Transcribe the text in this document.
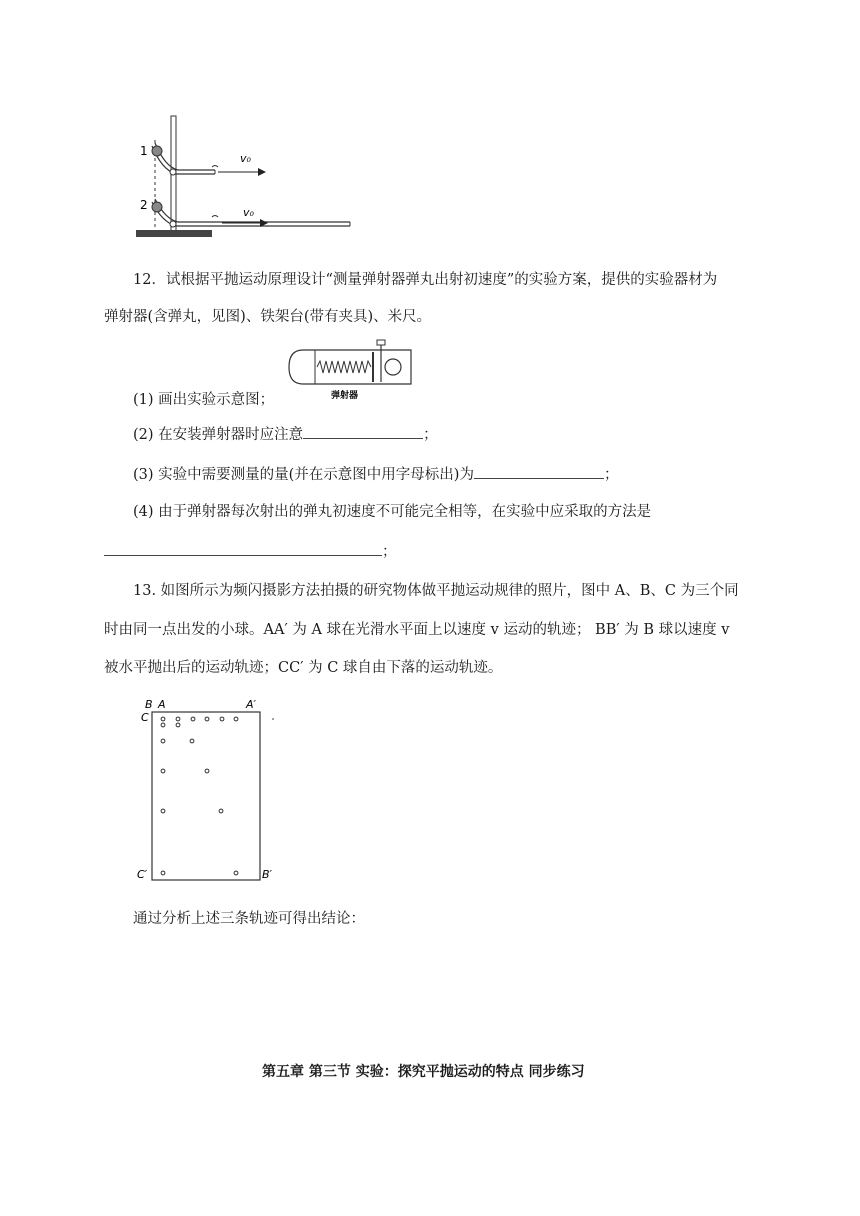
1
2
v₀
v₀
12．试根据平抛运动原理设计“测量弹射器弹丸出射初速度”的实验方案，提供的实验器材为
弹射器(含弹丸，见图)、铁架台(带有夹具)、米尺。
弹射器
(1) 画出实验示意图；
(2) 在安装弹射器时应注意	；
(3) 实验中需要测量的量(并在示意图中用字母标出)为	；
(4) 由于弹射器每次射出的弹丸初速度不可能完全相等，在实验中应采取的方法是
；
13. 如图所示为频闪摄影方法拍摄的研究物体做平抛运动规律的照片，图中 A、B、C 为三个同
时由同一点出发的小球。AA′ 为 A 球在光滑水平面上以速度 v 运动的轨迹； BB′ 为 B 球以速度 v
被水平抛出后的运动轨迹；CC′ 为 C 球自由下落的运动轨迹。
B A	A′
C
C′	B′
通过分析上述三条轨迹可得出结论：
第五章 第三节 实验：探究平抛运动的特点 同步练习
